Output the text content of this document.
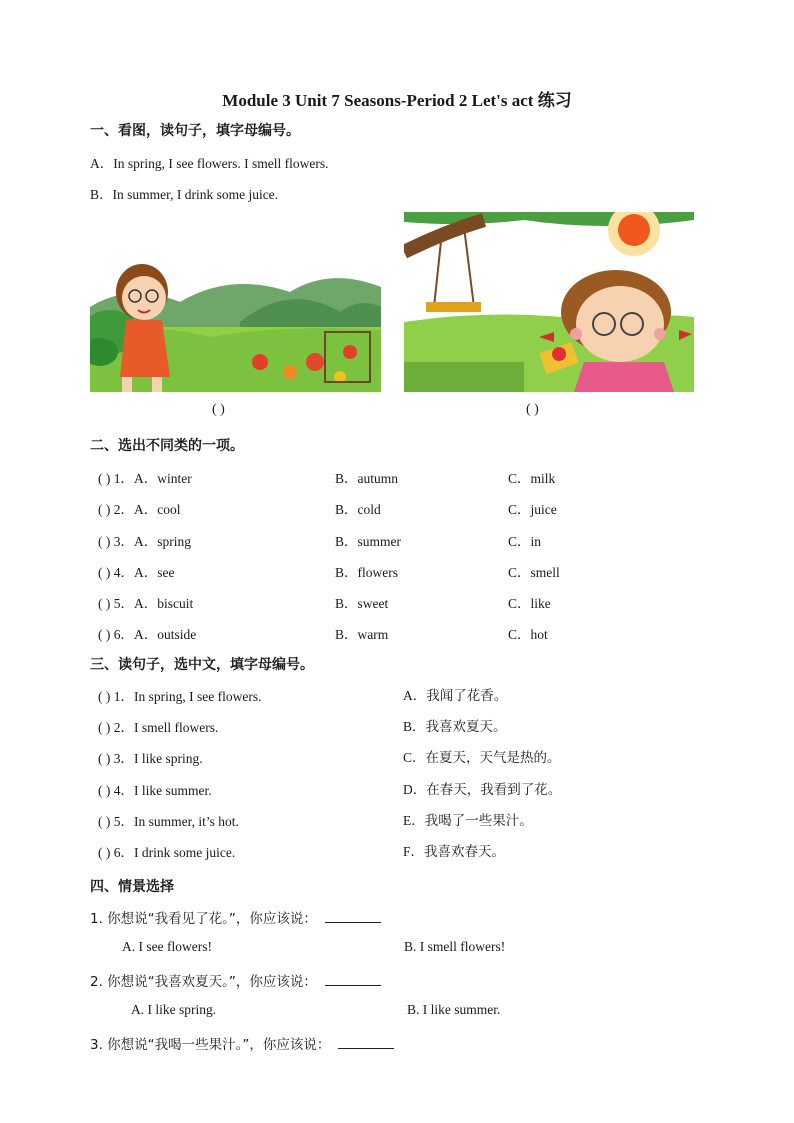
Module 3 Unit 7 Seasons-Period 2 Let's act 练习
一、看图，读句子，填字母编号。
A．In spring, I see flowers. I smell flowers.
B．In summer, I drink some juice.
( )	( )
二、选出不同类的一项。
( ) 1．A．winter	B．autumn	C．milk
( ) 2．A．cool	B．cold	C．juice
( ) 3．A．spring	B．summer	C．in
( ) 4．A．see	B．flowers	C．smell
( ) 5．A．biscuit	B．sweet	C．like
( ) 6．A．outside	B．warm	C．hot
三、读句子，选中文，填字母编号。
( ) 1．In spring, I see flowers.	A．我闻了花香。
( ) 2．I smell flowers.	B．我喜欢夏天。
( ) 3．I like spring.	C．在夏天，天气是热的。
( ) 4．I like summer.	D．在春天，我看到了花。
( ) 5．In summer, it’s hot.	E．我喝了一些果汁。
( ) 6．I drink some juice.	F．我喜欢春天。
四、情景选择
1. 你想说“我看见了花。”，你应该说：
A. I see flowers!	B. I smell flowers!
2. 你想说“我喜欢夏天。”，你应该说：
A. I like spring.	B. I like summer.
3. 你想说“我喝一些果汁。”，你应该说：
